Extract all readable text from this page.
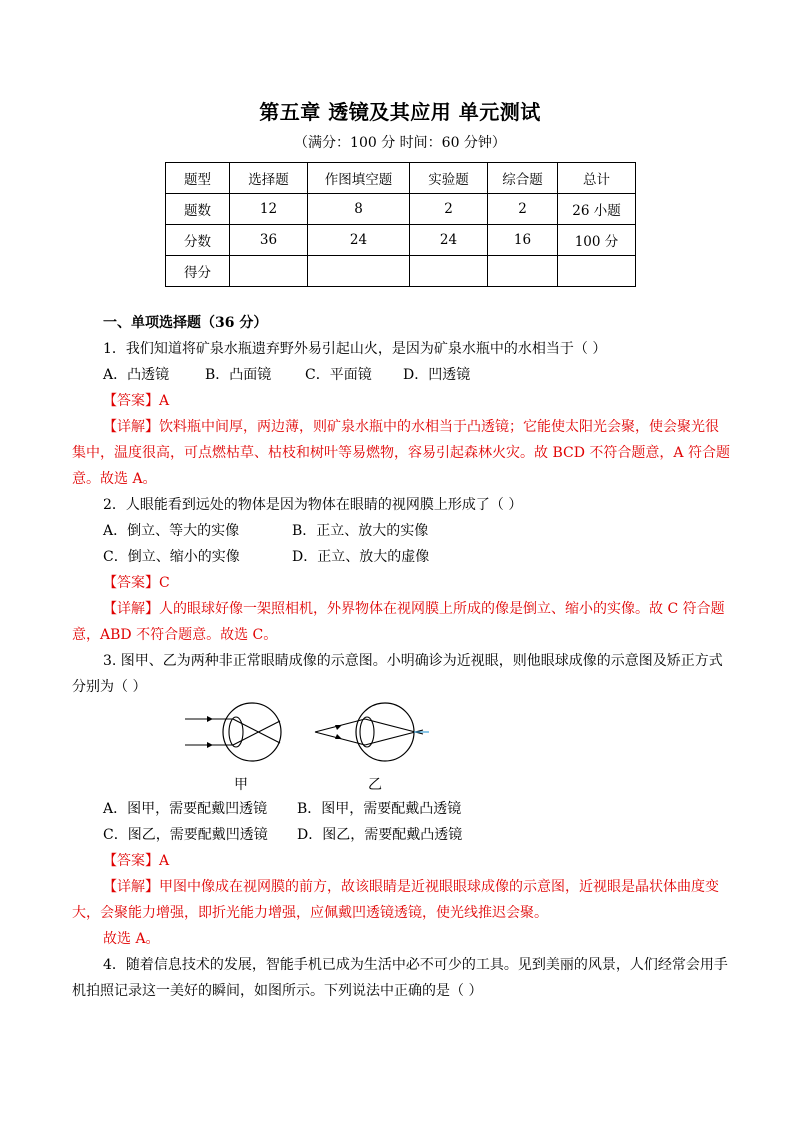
第五章 透镜及其应用 单元测试
（满分：100 分 时间：60 分钟）
题型	选择题	作图填空题	实验题	综合题	总计
题数	12	8	2	2	26 小题
分数	36	24	24	16	100 分
得分					
一、单项选择题（36 分）
1．我们知道将矿泉水瓶遗弃野外易引起山火，是因为矿泉水瓶中的水相当于（ ）
A．凸透镜	B．凸面镜 C．平面镜 D．凹透镜
【答案】A
【详解】饮料瓶中间厚，两边薄，则矿泉水瓶中的水相当于凸透镜；它能使太阳光会聚，使会聚光很
集中，温度很高，可点燃枯草、枯枝和树叶等易燃物，容易引起森林火灾。故 BCD 不符合题意，A 符合题
意。故选 A。
2．人眼能看到远处的物体是因为物体在眼睛的视网膜上形成了（ ）
A．倒立、等大的实像	B．正立、放大的实像
C．倒立、缩小的实像	D．正立、放大的虚像
【答案】C
【详解】人的眼球好像一架照相机，外界物体在视网膜上所成的像是倒立、缩小的实像。故 C 符合题
意，ABD 不符合题意。故选 C。
3. 图甲、乙为两种非正常眼睛成像的示意图。小明确诊为近视眼，则他眼球成像的示意图及矫正方式
分别为（ ）
甲	乙
A．图甲，需要配戴凹透镜 B．图甲，需要配戴凸透镜
C．图乙，需要配戴凹透镜 D．图乙，需要配戴凸透镜
【答案】A
【详解】甲图中像成在视网膜的前方，故该眼睛是近视眼眼球成像的示意图，近视眼是晶状体曲度变
大，会聚能力增强，即折光能力增强，应佩戴凹透镜透镜，使光线推迟会聚。
故选 A。
4．随着信息技术的发展，智能手机已成为生活中必不可少的工具。见到美丽的风景，人们经常会用手
机拍照记录这一美好的瞬间，如图所示。下列说法中正确的是（ ）
